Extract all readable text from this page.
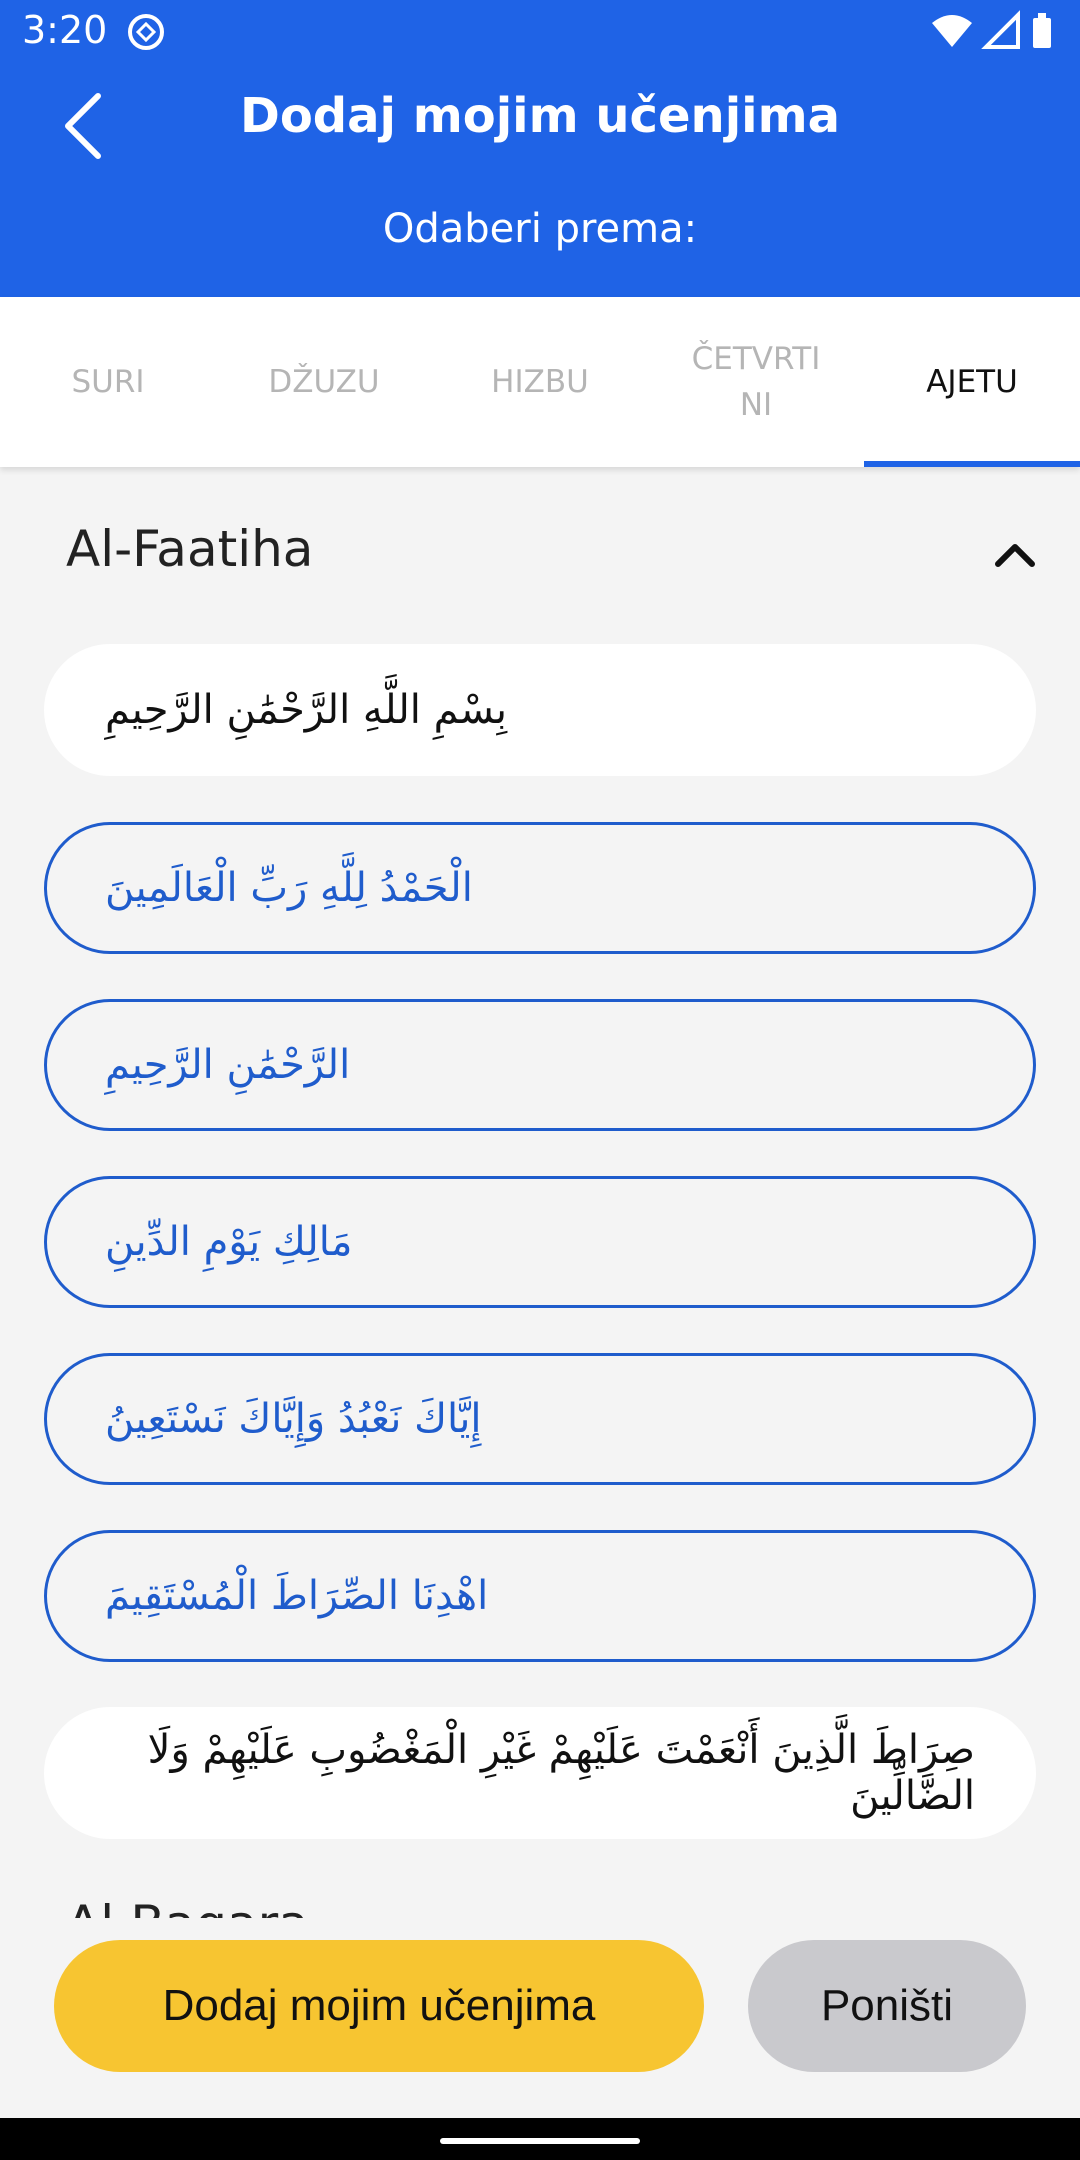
3:20
Dodaj mojim učenjima
Odaberi prema:
SURI	DŽUZU	HIZBU
ČETVRTINI
AJETU
Al-Faatiha
بِسْمِ اللَّهِ الرَّحْمَٰنِ الرَّحِيمِ
الْحَمْدُ لِلَّهِ رَبِّ الْعَالَمِينَ
الرَّحْمَٰنِ الرَّحِيمِ
مَالِكِ يَوْمِ الدِّينِ
إِيَّاكَ نَعْبُدُ وَإِيَّاكَ نَسْتَعِينُ
اهْدِنَا الصِّرَاطَ الْمُسْتَقِيمَ
صِرَاطَ الَّذِينَ أَنْعَمْتَ عَلَيْهِمْ غَيْرِ الْمَغْضُوبِ عَلَيْهِمْ وَلَا الضَّالِّينَ
Dodaj mojim učenjima	Poništi
